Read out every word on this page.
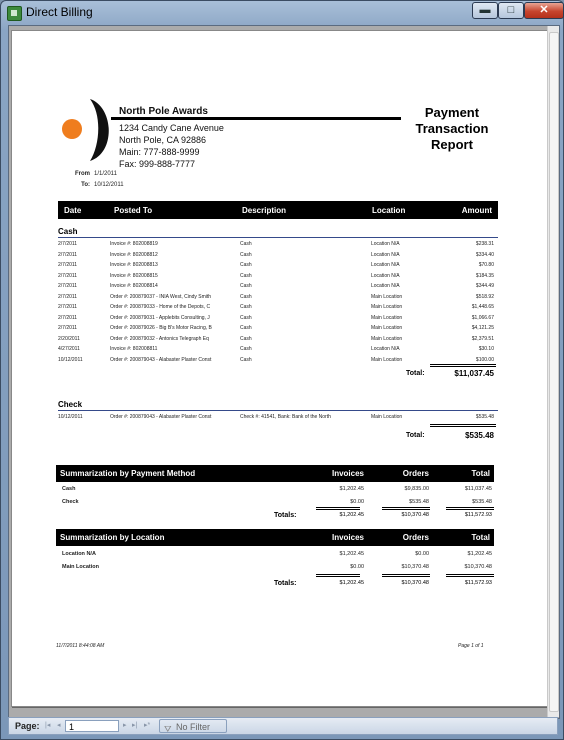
Direct Billing	▬	□	✕
North Pole Awards
1234 Candy Cane Avenue
North Pole, CA 92886
Main: 777-888-9999
Fax: 999-888-7777
Payment
Transaction
Report
From 1/1/2011
To: 10/12/2011
Date	Posted To	Description	Location	Amount
Cash
2/7/2011	Invoice #: 802008819	Cash	Location N/A	$238.31
2/7/2011	Invoice #: 802008812	Cash	Location N/A	$334.40
2/7/2011	Invoice #: 802008813	Cash	Location N/A	$70.80
2/7/2011	Invoice #: 802008815	Cash	Location N/A	$184.35
2/7/2011	Invoice #: 802008814	Cash	Location N/A	$344.49
2/7/2011	Order #: 200879037 - INIA West, Cindy Smith	Cash	Main Location	$518.92
2/7/2011	Order #: 200879033 - Home of the Depots, C	Cash	Main Location	$1,448.65
2/7/2011	Order #: 200879031 - Applebits Consulting, J	Cash	Main Location	$1,066.67
2/7/2011	Order #: 200879026 - Big B's Motor Racing, B	Cash	Main Location	$4,121.25
2/20/2011	Order #: 200879032 - Antonics Telegraph Eq	Cash	Main Location	$2,379.51
4/27/2011	Invoice #: 802008811	Cash	Location N/A	$30.10
10/12/2011	Order #: 200879043 - Alabaster Plaster Const	Cash	Main Location	$100.00
Total:	$11,037.45
Check
10/12/2011	Order #: 200879043 - Alabaster Plaster Const	Check #: 41541, Bank: Bank of the North	Main Location	$535.48
Total:	$535.48
Summarization by Payment Method	Invoices	Orders	Total
Cash	$1,202.45	$9,835.00	$11,037.45
Check	$0.00	$535.48	$535.48
Totals:	$1,202.45	$10,370.48	$11,572.93
Summarization by Location	Invoices	Orders	Total
Location N/A	$1,202.45	$0.00	$1,202.45
Main Location	$0.00	$10,370.48	$10,370.48
Totals:	$1,202.45	$10,370.48	$11,572.93
11/7/2011 8:44:08 AM	Page 1 of 1
Page: |◂ ◂ 1	▸ ▸| ▸* ⛛ No Filter
